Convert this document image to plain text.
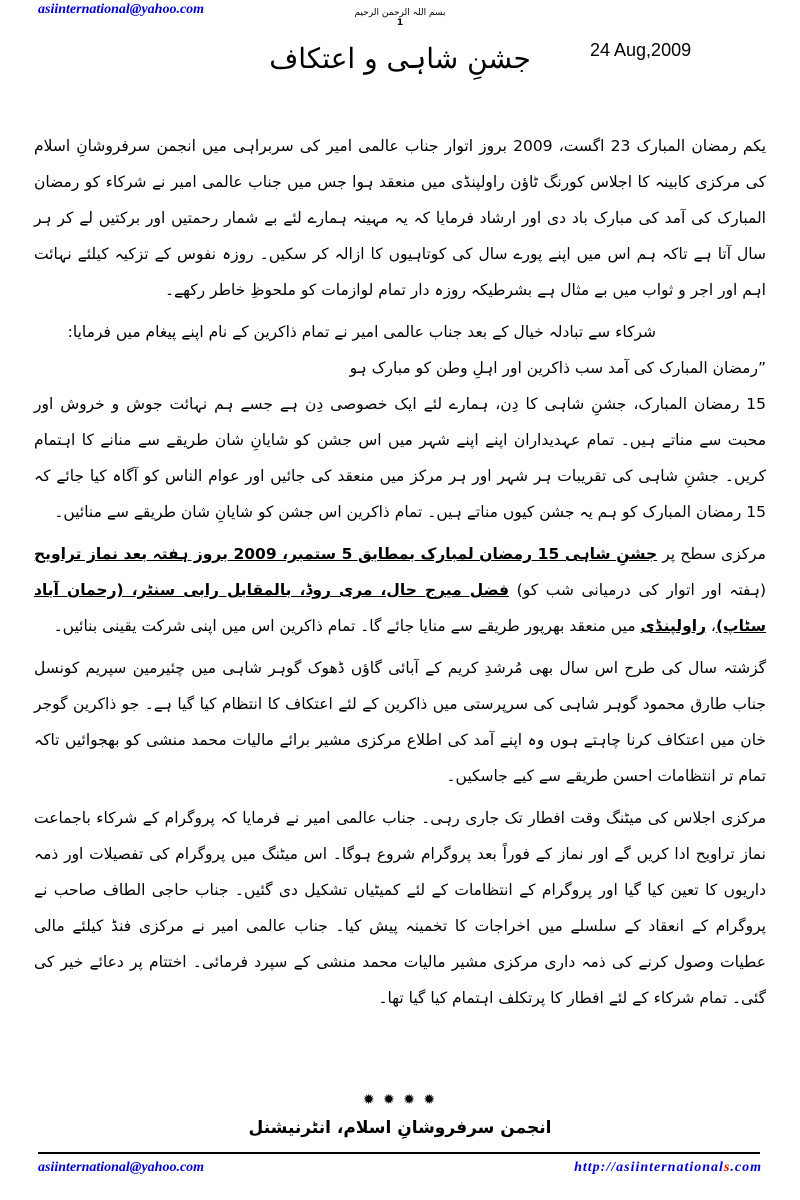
asiinternational@yahoo.com	بسم اللہ الرحمن الرحیم
1
24 Aug,2009
جشنِ شاہی و اعتکاف

یکم رمضان المبارک 23 اگست، 2009 بروز اتوار جناب عالمی امیر کی سربراہی میں انجمن سرفروشانِ اسلام کی مرکزی کابینہ کا اجلاس کورنگ ٹاؤن راولپنڈی میں منعقد ہوا جس میں جناب عالمی امیر نے شرکاء کو رمضان المبارک کی آمد کی مبارک باد دی اور ارشاد فرمایا کہ یہ مہینہ ہمارے لئے بے شمار رحمتیں اور برکتیں لے کر ہر سال آتا ہے تاکہ ہم اس میں اپنے پورے سال کی کوتاہیوں کا ازالہ کر سکیں۔ روزہ نفوس کے تزکیہ کیلئے نہائت اہم اور اجر و ثواب میں بے مثال ہے بشرطیکہ روزہ دار تمام لوازمات کو ملحوظِ خاطر رکھے۔

شرکاء سے تبادلہ خیال کے بعد جناب عالمی امیر نے تمام ذاکرین کے نام اپنے پیغام میں فرمایا:

”رمضان المبارک کی آمد سب ذاکرین اور اہلِ وطن کو مبارک ہو

15 رمضان المبارک، جشنِ شاہی کا دِن، ہمارے لئے ایک خصوصی دِن ہے جسے ہم نہائت جوش و خروش اور محبت سے مناتے ہیں۔ تمام عہدیداران اپنے اپنے شہر میں اس جشن کو شایانِ شان طریقے سے منانے کا اہتمام کریں۔ جشنِ شاہی کی تقریبات ہر شہر اور ہر مرکز میں منعقد کی جائیں اور عوام الناس کو آگاہ کیا جائے کہ 15 رمضان المبارک کو ہم یہ جشن کیوں مناتے ہیں۔ تمام ذاکرین اس جشن کو شایانِ شان طریقے سے منائیں۔

مرکزی سطح پر جشنِ شاہی 15 رمضان لمبارک بمطابق 5 ستمبر، 2009 بروز ہفتہ بعد نماز تراویح (ہفتہ اور اتوار کی درمیانی شب کو) فضل میرج حال، مری روڈ، بالمقابل رابی سنٹر، (رحمان آباد سٹاپ)، راولپنڈی میں منعقد بھرپور طریقے سے منایا جائے گا۔ تمام ذاکرین اس میں اپنی شرکت یقینی بنائیں۔

گزشتہ سال کی طرح اس سال بھی مُرشدِ کریم کے آبائی گاؤں ڈھوک گوہر شاہی میں چئیرمین سپریم کونسل جناب طارق محمود گوہر شاہی کی سرپرستی میں ذاکرین کے لئے اعتکاف کا انتظام کیا گیا ہے۔ جو ذاکرین گوجر خان میں اعتکاف کرنا چاہتے ہوں وہ اپنے آمد کی اطلاع مرکزی مشیر برائے مالیات محمد منشی کو بھجوائیں تاکہ تمام تر انتظامات احسن طریقے سے کیے جاسکیں۔

مرکزی اجلاس کی میٹنگ وقت افطار تک جاری رہی۔ جناب عالمی امیر نے فرمایا کہ پروگرام کے شرکاء باجماعت نماز تراویح ادا کریں گے اور نماز کے فوراً بعد پروگرام شروع ہوگا۔ اس میٹنگ میں پروگرام کی تفصیلات اور ذمہ داریوں کا تعین کیا گیا اور پروگرام کے انتظامات کے لئے کمیٹیاں تشکیل دی گئیں۔ جناب حاجی الطاف صاحب نے پروگرام کے انعقاد کے سلسلے میں اخراجات کا تخمینہ پیش کیا۔ جناب عالمی امیر نے مرکزی فنڈ کیلئے مالی عطیات وصول کرنے کی ذمہ داری مرکزی مشیر مالیات محمد منشی کے سپرد فرمائی۔ اختتام پر دعائے خیر کی گئی۔ تمام شرکاء کے لئے افطار کا پرتکلف اہتمام کیا گیا تھا۔

✹ ✹ ✹ ✹
انجمن سرفروشانِ اسلام، انٹرنیشنل
asiinternational@yahoo.com	http://asiinternationals.com
